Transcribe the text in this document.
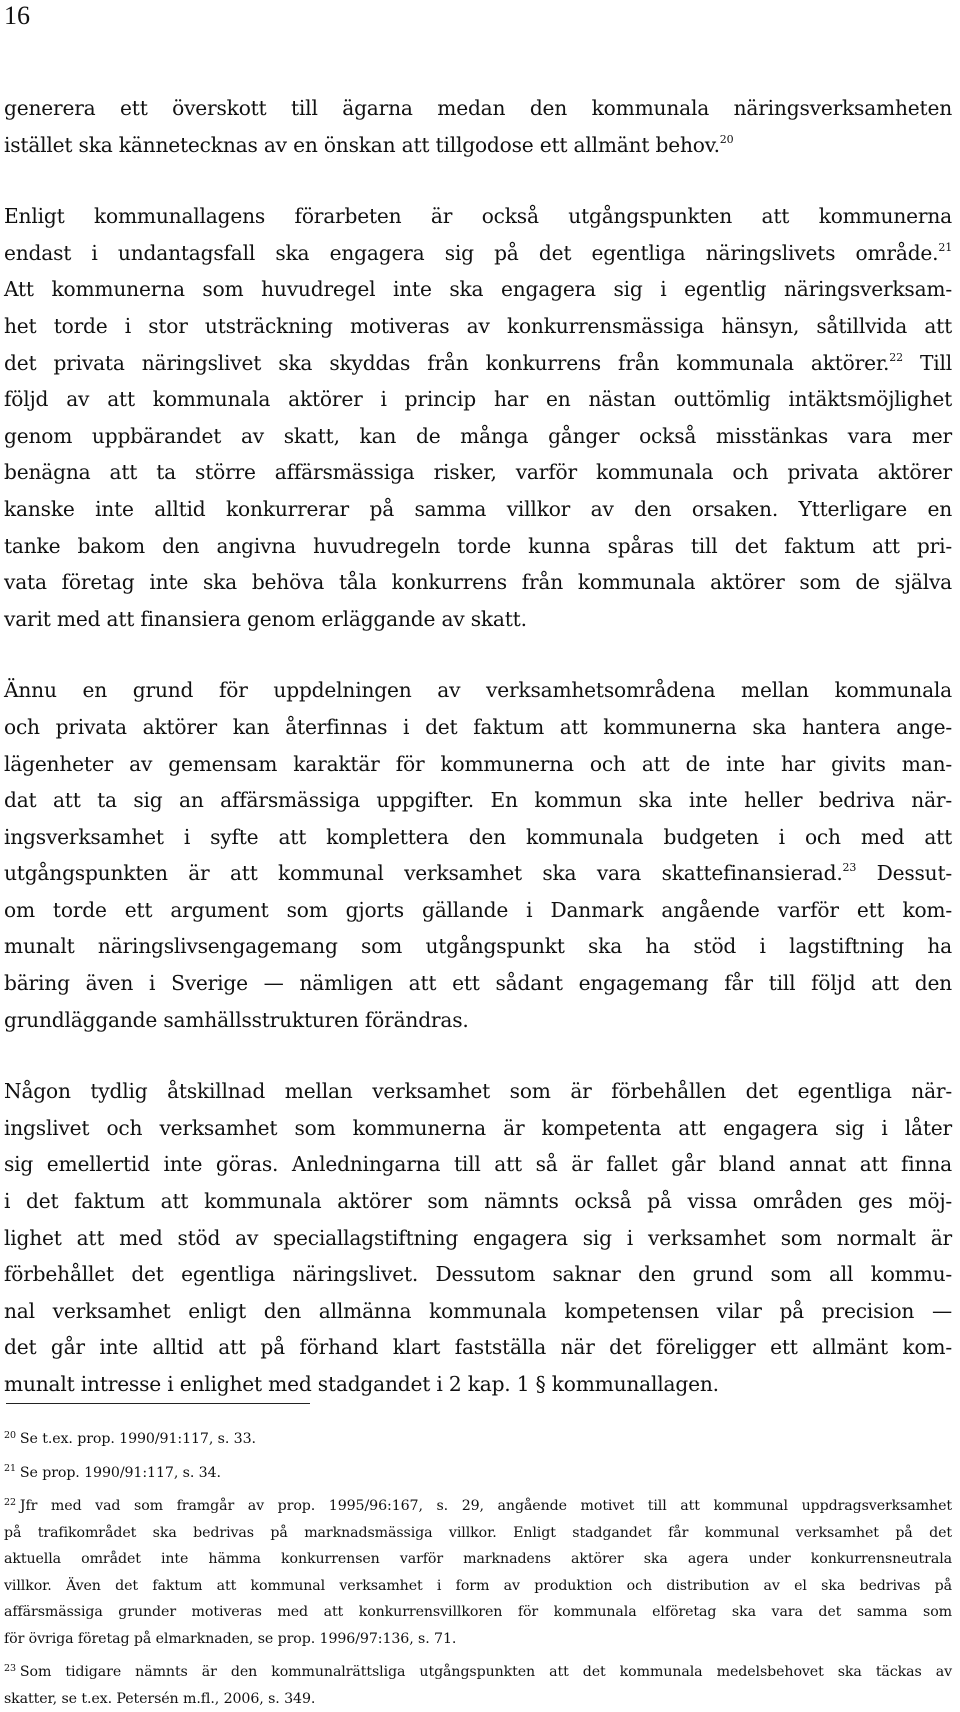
16
generera ett överskott till ägarna medan den kommunala näringsverksamheten
istället ska kännetecknas av en önskan att tillgodose ett allmänt behov.$^{20}$
Enligt kommunallagens förarbeten är också utgångspunkten att kommunerna
endast i undantagsfall ska engagera sig på det egentliga näringslivets område.$^{21}$
Att kommunerna som huvudregel inte ska engagera sig i egentlig näringsverksam-
het torde i stor utsträckning motiveras av konkurrensmässiga hänsyn, såtillvida att
det privata näringslivet ska skyddas från konkurrens från kommunala aktörer.$^{22}$ Till
följd av att kommunala aktörer i princip har en nästan outtömlig intäktsmöjlighet
genom uppbärandet av skatt, kan de många gånger också misstänkas vara mer
benägna att ta större affärsmässiga risker, varför kommunala och privata aktörer
kanske inte alltid konkurrerar på samma villkor av den orsaken. Ytterligare en
tanke bakom den angivna huvudregeln torde kunna spåras till det faktum att pri-
vata företag inte ska behöva tåla konkurrens från kommunala aktörer som de själva
varit med att finansiera genom erläggande av skatt.
Ännu en grund för uppdelningen av verksamhetsområdena mellan kommunala
och privata aktörer kan återfinnas i det faktum att kommunerna ska hantera ange-
lägenheter av gemensam karaktär för kommunerna och att de inte har givits man-
dat att ta sig an affärsmässiga uppgifter. En kommun ska inte heller bedriva när-
ingsverksamhet i syfte att komplettera den kommunala budgeten i och med att
utgångspunkten är att kommunal verksamhet ska vara skattefinansierad.$^{23}$ Dessut-
om torde ett argument som gjorts gällande i Danmark angående varför ett kom-
munalt näringslivsengagemang som utgångspunkt ska ha stöd i lagstiftning ha
bäring även i Sverige — nämligen att ett sådant engagemang får till följd att den
grundläggande samhällsstrukturen förändras.
Någon tydlig åtskillnad mellan verksamhet som är förbehållen det egentliga när-
ingslivet och verksamhet som kommunerna är kompetenta att engagera sig i låter
sig emellertid inte göras. Anledningarna till att så är fallet går bland annat att finna
i det faktum att kommunala aktörer som nämnts också på vissa områden ges möj-
lighet att med stöd av speciallagstiftning engagera sig i verksamhet som normalt är
förbehållet det egentliga näringslivet. Dessutom saknar den grund som all kommu-
nal verksamhet enligt den allmänna kommunala kompetensen vilar på precision —
det går inte alltid att på förhand klart fastställa när det föreligger ett allmänt kom-
munalt intresse i enlighet med stadgandet i 2 kap. 1 § kommunallagen.
$^{20}$ Se t.ex. prop. 1990/91:117, s. 33.
$^{21}$ Se prop. 1990/91:117, s. 34.
$^{22}$ Jfr med vad som framgår av prop. 1995/96:167, s. 29, angående motivet till att kommunal uppdragsverksamhet
på trafikområdet ska bedrivas på marknadsmässiga villkor. Enligt stadgandet får kommunal verksamhet på det
aktuella området inte hämma konkurrensen varför marknadens aktörer ska agera under konkurrensneutrala
villkor. Även det faktum att kommunal verksamhet i form av produktion och distribution av el ska bedrivas på
affärsmässiga grunder motiveras med att konkurrensvillkoren för kommunala elföretag ska vara det samma som
för övriga företag på elmarknaden, se prop. 1996/97:136, s. 71.
$^{23}$ Som tidigare nämnts är den kommunalrättsliga utgångspunkten att det kommunala medelsbehovet ska täckas av
skatter, se t.ex. Petersén m.fl., 2006, s. 349.
